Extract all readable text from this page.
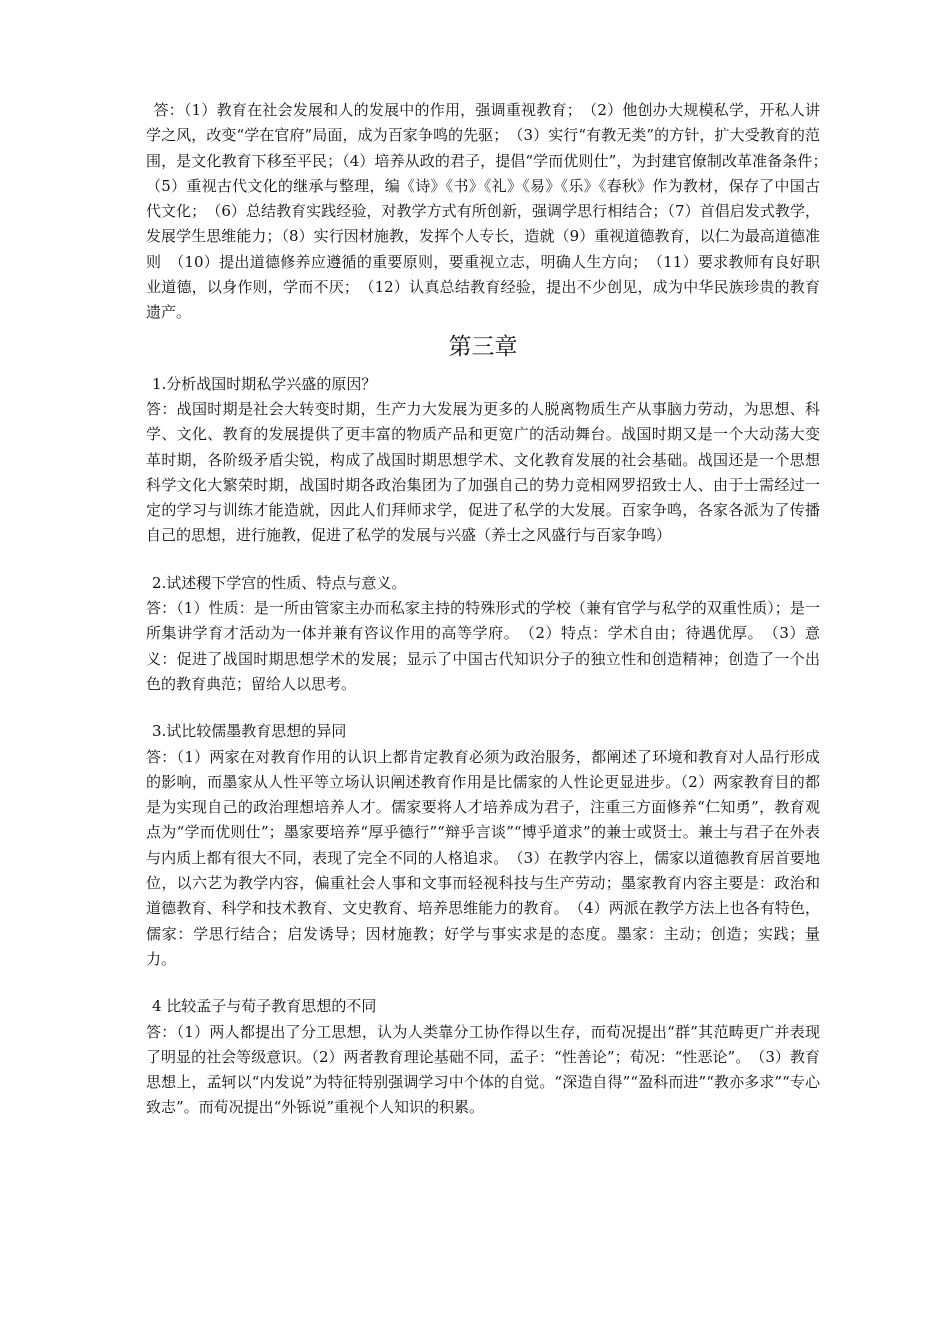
答：（1）教育在社会发展和人的发展中的作用，强调重视教育；　（2）他创办大规模私学，开私人讲学之风，改变“学在官府”局面，成为百家争鸣的先驱；　（3）实行“有教无类”的方针，扩大受教育的范围，是文化教育下移至平民；（4）培养从政的君子，提倡“学而优则仕”，为封建官僚制改革准备条件；　（5）重视古代文化的继承与整理，编《诗》《书》《礼》《易》《乐》《春秋》作为教材，保存了中国古代文化；　（6）总结教育实践经验，对教学方式有所创新，强调学思行相结合；（7）首倡启发式教学，发展学生思维能力；（8）实行因材施教，发挥个人专长，造就（9）重视道德教育，以仁为最高道德准则　（10）提出道德修养应遵循的重要原则，要重视立志，明确人生方向；　（11）要求教师有良好职业道德，以身作则，学而不厌；　（12）认真总结教育经验，提出不少创见，成为中华民族珍贵的教育遗产。

第三章

1.分析战国时期私学兴盛的原因？

答：战国时期是社会大转变时期，生产力大发展为更多的人脱离物质生产从事脑力劳动，为思想、科学、文化、教育的发展提供了更丰富的物质产品和更宽广的活动舞台。战国时期又是一个大动荡大变革时期，各阶级矛盾尖锐，构成了战国时期思想学术、文化教育发展的社会基础。战国还是一个思想科学文化大繁荣时期，战国时期各政治集团为了加强自己的势力竞相网罗招致士人、由于士需经过一定的学习与训练才能造就，因此人们拜师求学，促进了私学的大发展。百家争鸣，各家各派为了传播自己的思想，进行施教，促进了私学的发展与兴盛（养士之风盛行与百家争鸣）

2.试述稷下学宫的性质、特点与意义。

答：（1）性质：是一所由管家主办而私家主持的特殊形式的学校（兼有官学与私学的双重性质）；是一所集讲学育才活动为一体并兼有咨议作用的高等学府。　（2）特点：学术自由；待遇优厚。　（3）意义：促进了战国时期思想学术的发展；显示了中国古代知识分子的独立性和创造精神；创造了一个出色的教育典范；留给人以思考。

3.试比较儒墨教育思想的异同

答：（1）两家在对教育作用的认识上都肯定教育必须为政治服务，都阐述了环境和教育对人品行形成的影响，而墨家从人性平等立场认识阐述教育作用是比儒家的人性论更显进步。（2）两家教育目的都是为实现自己的政治理想培养人才。儒家要将人才培养成为君子，注重三方面修养“仁知勇”，教育观点为“学而优则仕”；墨家要培养“厚乎德行”“辩乎言谈”“博乎道求”的兼士或贤士。兼士与君子在外表与内质上都有很大不同，表现了完全不同的人格追求。　（3）在教学内容上，儒家以道德教育居首要地位，以六艺为教学内容，偏重社会人事和文事而轻视科技与生产劳动；墨家教育内容主要是：政治和道德教育、科学和技术教育、文史教育、培养思维能力的教育。　（4）两派在教学方法上也各有特色，儒家：学思行结合；启发诱导；因材施教；好学与事实求是的态度。墨家：主动；创造；实践；量力。

4 比较孟子与荀子教育思想的不同

答：（1）两人都提出了分工思想，认为人类靠分工协作得以生存，而荀况提出“群”其范畴更广并表现了明显的社会等级意识。（2）两者教育理论基础不同，孟子：“性善论”；荀况：“性恶论”。　（3）教育思想上，孟轲以“内发说”为特征特别强调学习中个体的自觉。“深造自得”“盈科而进”“教亦多求”“专心致志”。而荀况提出“外铄说”重视个人知识的积累。
